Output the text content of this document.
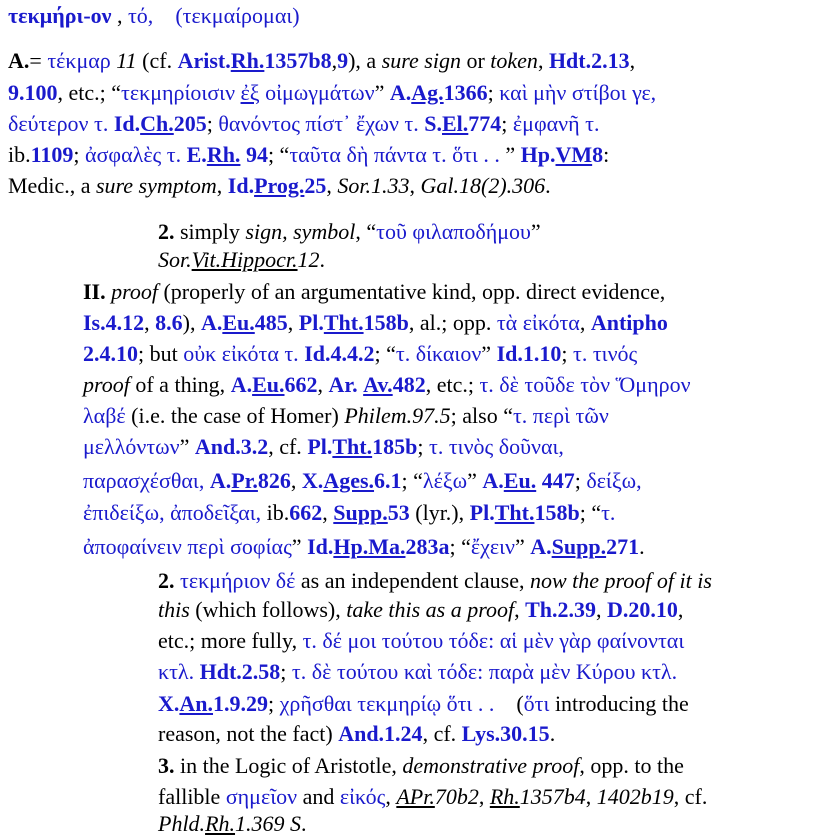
τεκμήρι-ον , τό, (τεκμαίρομαι)
A.= τέκμαρ 11 (cf. Arist.Rh.1357b8,9), a sure sign or token, Hdt.2.13,
9.100, etc.; “τεκμηρίοισιν ἐξ οἰμωγμάτων” A.Ag.1366; καὶ μὴν στίβοι γε,
δεύτερον τ. Id.Ch.205; θανόντος πίστ᾽ ἔχων τ. S.El.774; ἐμφανῆ τ.
ib.1109; ἀσφαλὲς τ. E.Rh. 94; “ταῦτα δὴ πάντα τ. ὅτι . . ” Hp.VM8:
Medic., a sure symptom, Id.Prog.25, Sor.1.33, Gal.18(2).306.
2. simply sign, symbol, “τοῦ φιλαποδήμου”
Sor.Vit.Hippocr.12.
II. proof (properly of an argumentative kind, opp. direct evidence,
Is.4.12, 8.6), A.Eu.485, Pl.Tht.158b, al.; opp. τὰ εἰκότα, Antipho
2.4.10; but οὐκ εἰκότα τ. Id.4.4.2; “τ. δίκαιον” Id.1.10; τ. τινός
proof of a thing, A.Eu.662, Ar. Av.482, etc.; τ. δὲ τοῦδε τὸν Ὅμηρον
λαβέ (i.e. the case of Homer) Philem.97.5; also “τ. περὶ τῶν
μελλόντων” And.3.2, cf. Pl.Tht.185b; τ. τινὸς δοῦναι,
παρασχέσθαι, A.Pr.826, X.Ages.6.1; “λέξω” A.Eu. 447; δείξω,
ἐπιδείξω, ἀποδεῖξαι, ib.662, Supp.53 (lyr.), Pl.Tht.158b; “τ.
ἀποφαίνειν περὶ σοφίας” Id.Hp.Ma.283a; “ἔχειν” A.Supp.271.
2. τεκμήριον δέ as an independent clause, now the proof of it is
this (which follows), take this as a proof, Th.2.39, D.20.10,
etc.; more fully, τ. δέ μοι τούτου τόδε: αἱ μὲν γὰρ φαίνονται
κτλ. Hdt.2.58; τ. δὲ τούτου καὶ τόδε: παρὰ μὲν Κύρου κτλ.
X.An.1.9.29; χρῆσθαι τεκμηρίῳ ὅτι . .    (ὅτι introducing the
reason, not the fact) And.1.24, cf. Lys.30.15.
3. in the Logic of Aristotle, demonstrative proof, opp. to the
fallible σημεῖον and εἰκός, APr.70b2, Rh.1357b4, 1402b19, cf.
Phld.Rh.1.369 S.
